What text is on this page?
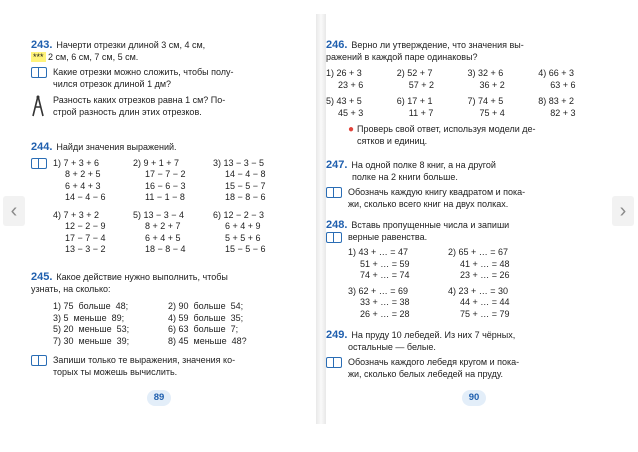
‹	›
243. Начерти отрезки длиной 3 см, 4 см,
*** 2 см, 6 см, 7 см, 5 см.
Какие отрезки можно сложить, чтобы полу-
чился отрезок длиной 1 дм?
Разность каких отрезков равна 1 см? По-
строй разность длин этих отрезков.
244. Найди значения выражений.
1) 7 + 3 + 6
8 + 2 + 5
6 + 4 + 3
14 − 4 − 6
2) 9 + 1 + 7
17 − 7 − 2
16 − 6 − 3
11 − 1 − 8
3) 13 − 3 − 5
14 − 4 − 8
15 − 5 − 7
18 − 8 − 6
4) 7 + 3 + 2
12 − 2 − 9
17 − 7 − 4
13 − 3 − 2
5) 13 − 3 − 4
8 + 2 + 7
6 + 4 + 5
18 − 8 − 4
6) 12 − 2 − 3
6 + 4 + 9
5 + 5 + 6
15 − 5 − 6
245. Какое действие нужно выполнить, чтобы
узнать, на сколько:
1) 75  больше  48;
3) 5  меньше  89;
5) 20  меньше  53;
7) 30  меньше  39;
2) 90  больше  54;
4) 59  больше  35;
6) 63  больше  7;
8) 45  меньше  48?
Запиши только те выражения, значения ко-
торых ты можешь вычислить.
89
246. Верно ли утверждение, что значения вы-
ражений в каждой паре одинаковы?
1) 26 + 3
23 + 6
2) 52 + 7
57 + 2
3) 32 + 6
36 + 2
4) 66 + 3
63 + 6
5) 43 + 5
45 + 3
6) 17 + 1
11 + 7
7) 74 + 5
75 + 4
8) 83 + 2
82 + 3
● Проверь свой ответ, используя модели де-
сятков и единиц.
247. На одной полке 8 книг, а на другой
полке на 2 книги больше.
Обозначь каждую книгу квадратом и пока-
жи, сколько всего книг на двух полках.
248. Вставь пропущенные числа и запиши
верные равенства.
1) 43 + … = 47
51 + … = 59
74 + … = 74
2) 65 + … = 67
41 + … = 48
23 + … = 26
3) 62 + … = 69
33 + … = 38
26 + … = 28
4) 23 + … = 30
44 + … = 44
75 + … = 79
249. На пруду 10 лебедей. Из них 7 чёрных,
остальные — белые.
Обозначь каждого лебедя кругом и пока-
жи, сколько белых лебедей на пруду.
90
